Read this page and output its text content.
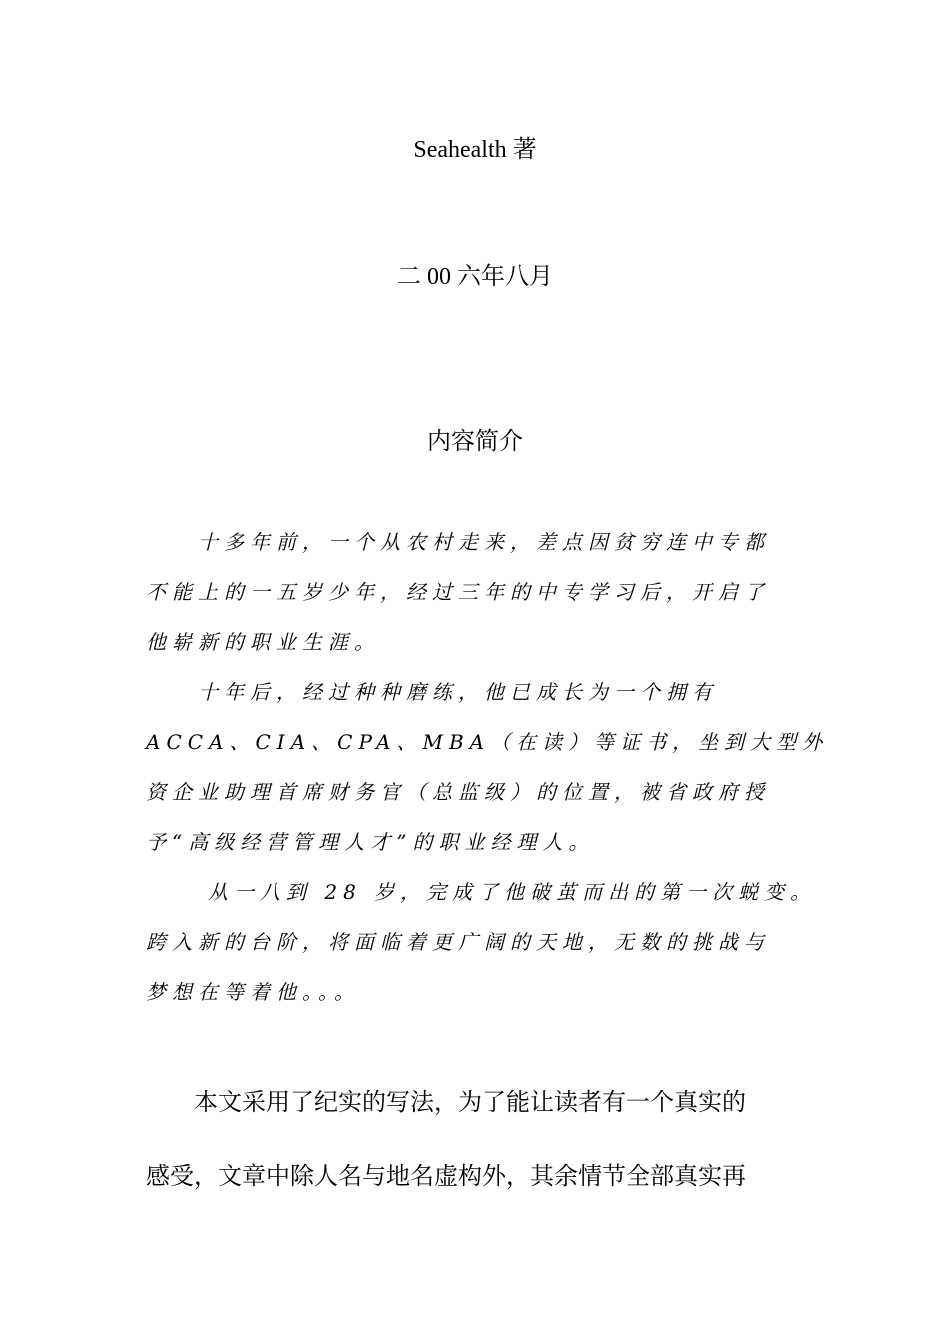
Seahealth 著
二 00 六年八月
内容简介
十多年前，一个从农村走来，差点因贫穷连中专都
不能上的一五岁少年，经过三年的中专学习后，开启了
他崭新的职业生涯。
十年后，经过种种磨练，他已成长为一个拥有
ACCA、CIA、CPA、MBA（在读）等证书，坐到大型外
资企业助理首席财务官（总监级）的位置，被省政府授
予“高级经营管理人才”的职业经理人。
从一八到 28 岁，完成了他破茧而出的第一次蜕变。
跨入新的台阶，将面临着更广阔的天地，无数的挑战与
梦想在等着他。。。
本文采用了纪实的写法，为了能让读者有一个真实的
感受，文章中除人名与地名虚构外，其余情节全部真实再
